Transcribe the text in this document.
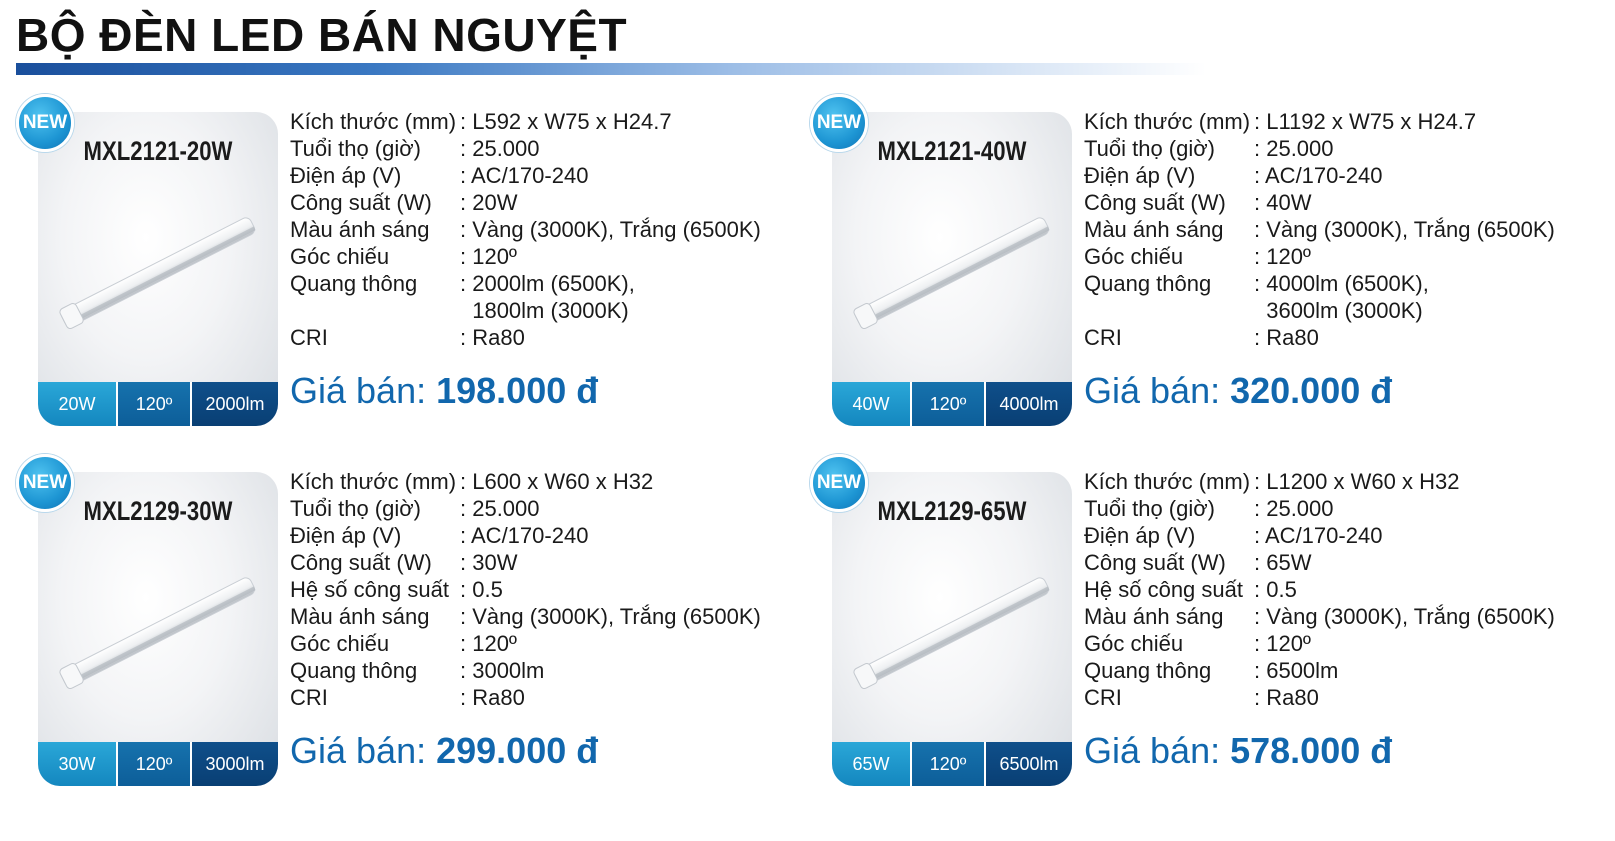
BỘ ĐÈN LED BÁN NGUYỆT
MXL2121-20W
20W	120º	2000lm
NEW	Kích thước (mm) : L592 x W75 x H24.7
Tuổi thọ (giờ)	: 25.000
Điện áp (V)	: AC/170-240
Công suất (W)	: 20W
Màu ánh sáng	: Vàng (3000K), Trắng (6500K)
Góc chiếu	: 120º
Quang thông	: 2000lm (6500K),
1800lm (3000K)
CRI	: Ra80
Giá bán: 198.000 đ
MXL2121-40W
40W	120º	4000lm
NEW	Kích thước (mm) : L1192 x W75 x H24.7
Tuổi thọ (giờ)	: 25.000
Điện áp (V)	: AC/170-240
Công suất (W)	: 40W
Màu ánh sáng	: Vàng (3000K), Trắng (6500K)
Góc chiếu	: 120º
Quang thông	: 4000lm (6500K),
3600lm (3000K)
CRI	: Ra80
Giá bán: 320.000 đ
MXL2129-30W
30W	120º	3000lm
NEW	Kích thước (mm) : L600 x W60 x H32
Tuổi thọ (giờ)	: 25.000
Điện áp (V)	: AC/170-240
Công suất (W)	: 30W
Hệ số công suất : 0.5
Màu ánh sáng	: Vàng (3000K), Trắng (6500K)
Góc chiếu	: 120º
Quang thông	: 3000lm
CRI	: Ra80
Giá bán: 299.000 đ
MXL2129-65W
65W	120º	6500lm
NEW	Kích thước (mm) : L1200 x W60 x H32
Tuổi thọ (giờ)	: 25.000
Điện áp (V)	: AC/170-240
Công suất (W)	: 65W
Hệ số công suất : 0.5
Màu ánh sáng	: Vàng (3000K), Trắng (6500K)
Góc chiếu	: 120º
Quang thông	: 6500lm
CRI	: Ra80
Giá bán: 578.000 đ
